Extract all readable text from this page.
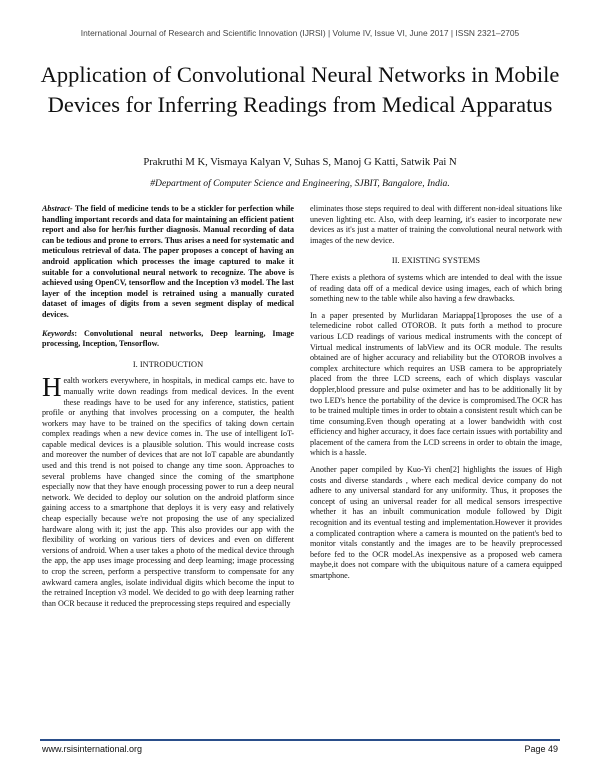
International Journal of Research and Scientific Innovation (IJRSI) | Volume IV, Issue VI, June 2017 | ISSN 2321–2705
Application of Convolutional Neural Networks in Mobile Devices for Inferring Readings from Medical Apparatus
Prakruthi M K, Vismaya Kalyan V, Suhas S, Manoj G Katti, Satwik Pai N
#Department of Computer Science and Engineering, SJBIT, Bangalore, India.
Abstract- The field of medicine tends to be a stickler for perfection while handling important records and data for maintaining an efficient patient report and also for her/his further diagnosis. Manual recording of data can be tedious and prone to errors. Thus arises a need for systematic and meticulous retrieval of data. The paper proposes a concept of having an android application which processes the image captured to make it suitable for a convolutional neural network to recognize. The above is achieved using OpenCV, tensorflow and the Inception v3 model. The last layer of the inception model is retrained using a manually curated dataset of images of digits from a seven segment display of medical devices.
Keywords: Convolutional neural networks, Deep learning, Image processing, Inception, Tensorflow.
I. INTRODUCTION

Health workers everywhere, in hospitals, in medical camps etc. have to manually write down readings from medical devices. In the event these readings have to be used for any inference, statistics, patient profile or anything that involves processing on a computer, the health workers may have to be trained on the specifics of taking down certain complex readings when a new device comes in. The use of intelligent IoT- capable medical devices is a plausible solution. This would increase costs and moreover the number of devices that are not IoT capable are abundantly used and this trend is not poised to change any time soon. Approaches to several problems have changed since the coming of the smartphone especially now that they have enough processing power to run a deep neural network. We decided to deploy our solution on the android platform since gaining access to a smartphone that deploys it is very easy and relatively cheap especially because we're not proposing the use of any specialized hardware along with it; just the app. This also provides our app with the flexibility of working on various tiers of devices and even on different versions of android. When a user takes a photo of the medical device through the app, the app uses image processing and deep learning; image processing to crop the screen, perform a perspective transform to compensate for any awkward camera angles, isolate individual digits which become the input to the retrained Inception v3 model. We decided to go with deep learning rather than OCR because it reduced the preprocessing steps required and especially

eliminates those steps required to deal with different non-ideal situations like uneven lighting etc. Also, with deep learning, it's easier to incorporate new devices as it's just a matter of training the convolutional neural network with images of the new device.

II. EXISTING SYSTEMS

There exists a plethora of systems which are intended to deal with the issue of reading data off of a medical device using images, each of which bring something new to the table while also having a few drawbacks.

In a paper presented by Murlidaran Mariappa[1]proposes the use of a telemedicine robot called OTOROB. It puts forth a method to procure various LCD readings of various medical instruments with the concept of Virtual medical instruments of labView and its OCR module. The results obtained are of higher accuracy and reliability but the OTOROB involves a complex architecture which requires an USB camera to be appropriately placed from the three LCD screens, each of which displays vascular doppler,blood pressure and pulse oximeter and has to be additionally lit by two LED's hence the portability of the device is compromised.The OCR has to be trained multiple times in order to obtain a consistent result which can be time consuming.Even though operating at a lower bandwidth with cost efficiency and higher accuracy, it does face certain issues with portability and placement of the camera from the LCD screens in order to obtain the image, which is a hassle.

Another paper compiled by Kuo-Yi chen[2] highlights the issues of High costs and diverse standards , where each medical device company do not adhere to any universal standard for any uniformity. Thus, it proposes the concept of using an universal reader for all medical sensors irrespective whether it has an inbuilt communication module followed by Digit recognition and its eventual testing and implementation.However it provides a complicated contraption where a camera is mounted on the patient's bed to monitor vitals constantly and the images are to be heavily preprocessed before fed to the OCR model.As inexpensive as a proposed web camera maybe,it does not compare with the ubiquitous nature of a camera equipped smartphone.

www.rsisinternational.org	Page 49
